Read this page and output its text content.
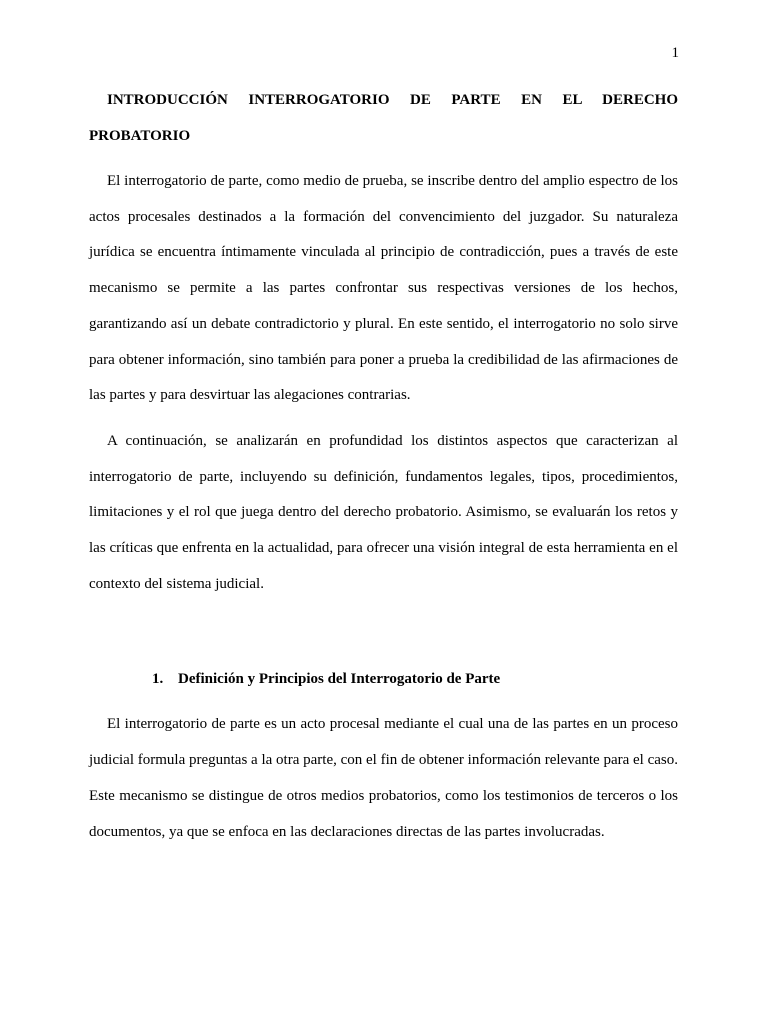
1
INTRODUCCIÓN INTERROGATORIO DE PARTE EN EL DERECHO PROBATORIO

El interrogatorio de parte, como medio de prueba, se inscribe dentro del amplio espectro de los actos procesales destinados a la formación del convencimiento del juzgador. Su naturaleza jurídica se encuentra íntimamente vinculada al principio de contradicción, pues a través de este mecanismo se permite a las partes confrontar sus respectivas versiones de los hechos, garantizando así un debate contradictorio y plural. En este sentido, el interrogatorio no solo sirve para obtener información, sino también para poner a prueba la credibilidad de las afirmaciones de las partes y para desvirtuar las alegaciones contrarias.

A continuación, se analizarán en profundidad los distintos aspectos que caracterizan al interrogatorio de parte, incluyendo su definición, fundamentos legales, tipos, procedimientos, limitaciones y el rol que juega dentro del derecho probatorio. Asimismo, se evaluarán los retos y las críticas que enfrenta en la actualidad, para ofrecer una visión integral de esta herramienta en el contexto del sistema judicial.

1. Definición y Principios del Interrogatorio de Parte

El interrogatorio de parte es un acto procesal mediante el cual una de las partes en un proceso judicial formula preguntas a la otra parte, con el fin de obtener información relevante para el caso. Este mecanismo se distingue de otros medios probatorios, como los testimonios de terceros o los documentos, ya que se enfoca en las declaraciones directas de las partes involucradas.
